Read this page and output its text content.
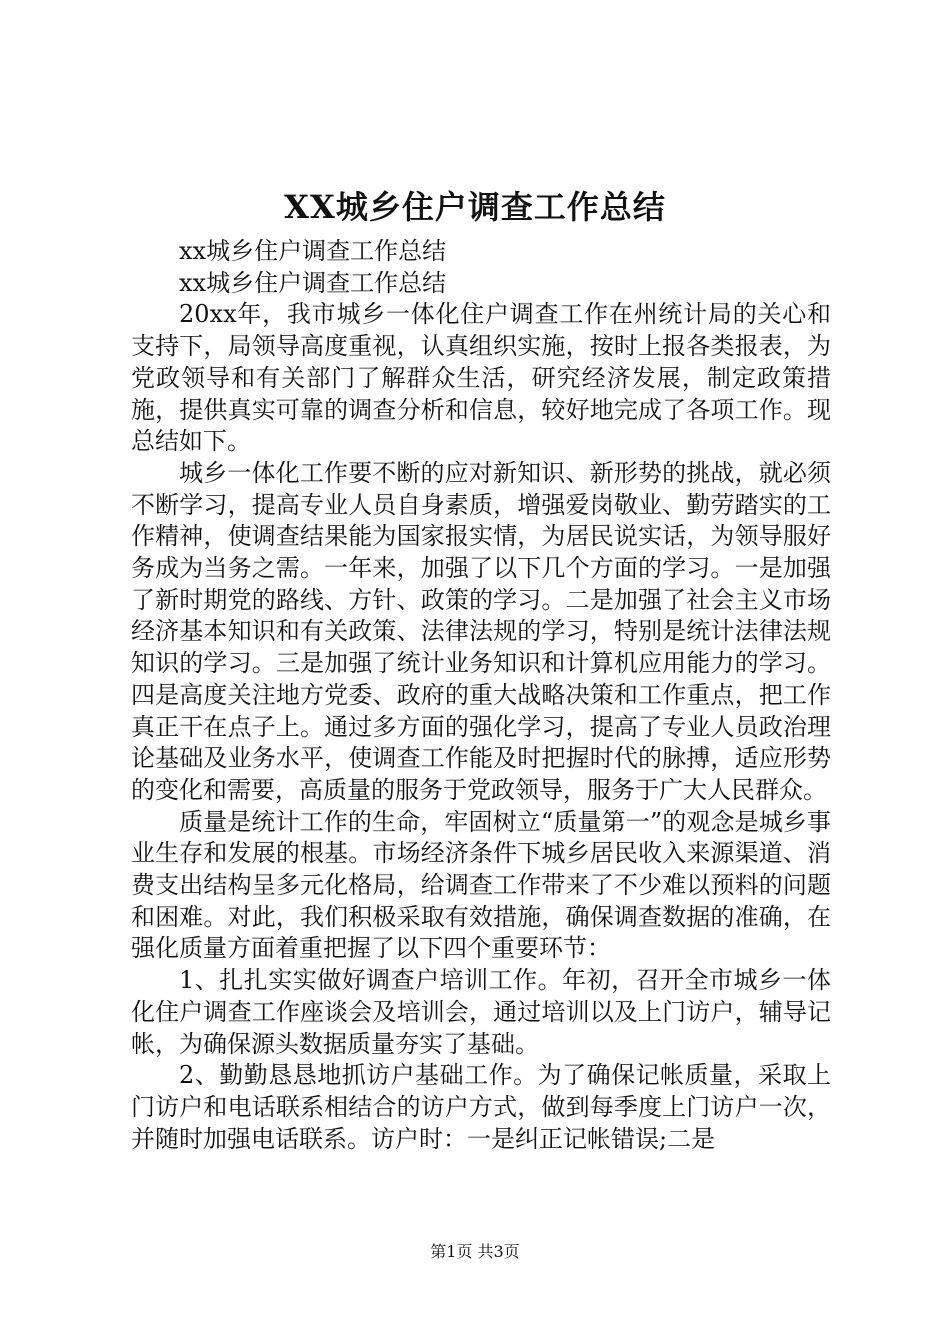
XX城乡住户调查工作总结

xx城乡住户调查工作总结

xx城乡住户调查工作总结

20xx年，我市城乡一体化住户调查工作在州统计局的关心和支持下，局领导高度重视，认真组织实施，按时上报各类报表，为党政领导和有关部门了解群众生活，研究经济发展，制定政策措施，提供真实可靠的调查分析和信息，较好地完成了各项工作。现总结如下。

城乡一体化工作要不断的应对新知识、新形势的挑战，就必须不断学习，提高专业人员自身素质，增强爱岗敬业、勤劳踏实的工作精神，使调查结果能为国家报实情，为居民说实话，为领导服好务成为当务之需。一年来，加强了以下几个方面的学习。一是加强了新时期党的路线、方针、政策的学习。二是加强了社会主义市场经济基本知识和有关政策、法律法规的学习，特别是统计法律法规知识的学习。三是加强了统计业务知识和计算机应用能力的学习。四是高度关注地方党委、政府的重大战略决策和工作重点，把工作真正干在点子上。通过多方面的强化学习，提高了专业人员政治理论基础及业务水平，使调查工作能及时把握时代的脉搏，适应形势的变化和需要，高质量的服务于党政领导，服务于广大人民群众。

质量是统计工作的生命，牢固树立“质量第一”的观念是城乡事业生存和发展的根基。市场经济条件下城乡居民收入来源渠道、消费支出结构呈多元化格局，给调查工作带来了不少难以预料的问题和困难。对此，我们积极采取有效措施，确保调查数据的准确，在强化质量方面着重把握了以下四个重要环节：

1、扎扎实实做好调查户培训工作。年初，召开全市城乡一体化住户调查工作座谈会及培训会，通过培训以及上门访户，辅导记帐，为确保源头数据质量夯实了基础。

2、勤勤恳恳地抓访户基础工作。为了确保记帐质量，采取上门访户和电话联系相结合的访户方式，做到每季度上门访户一次，并随时加强电话联系。访户时：一是纠正记帐错误;二是

第1页 共3页
